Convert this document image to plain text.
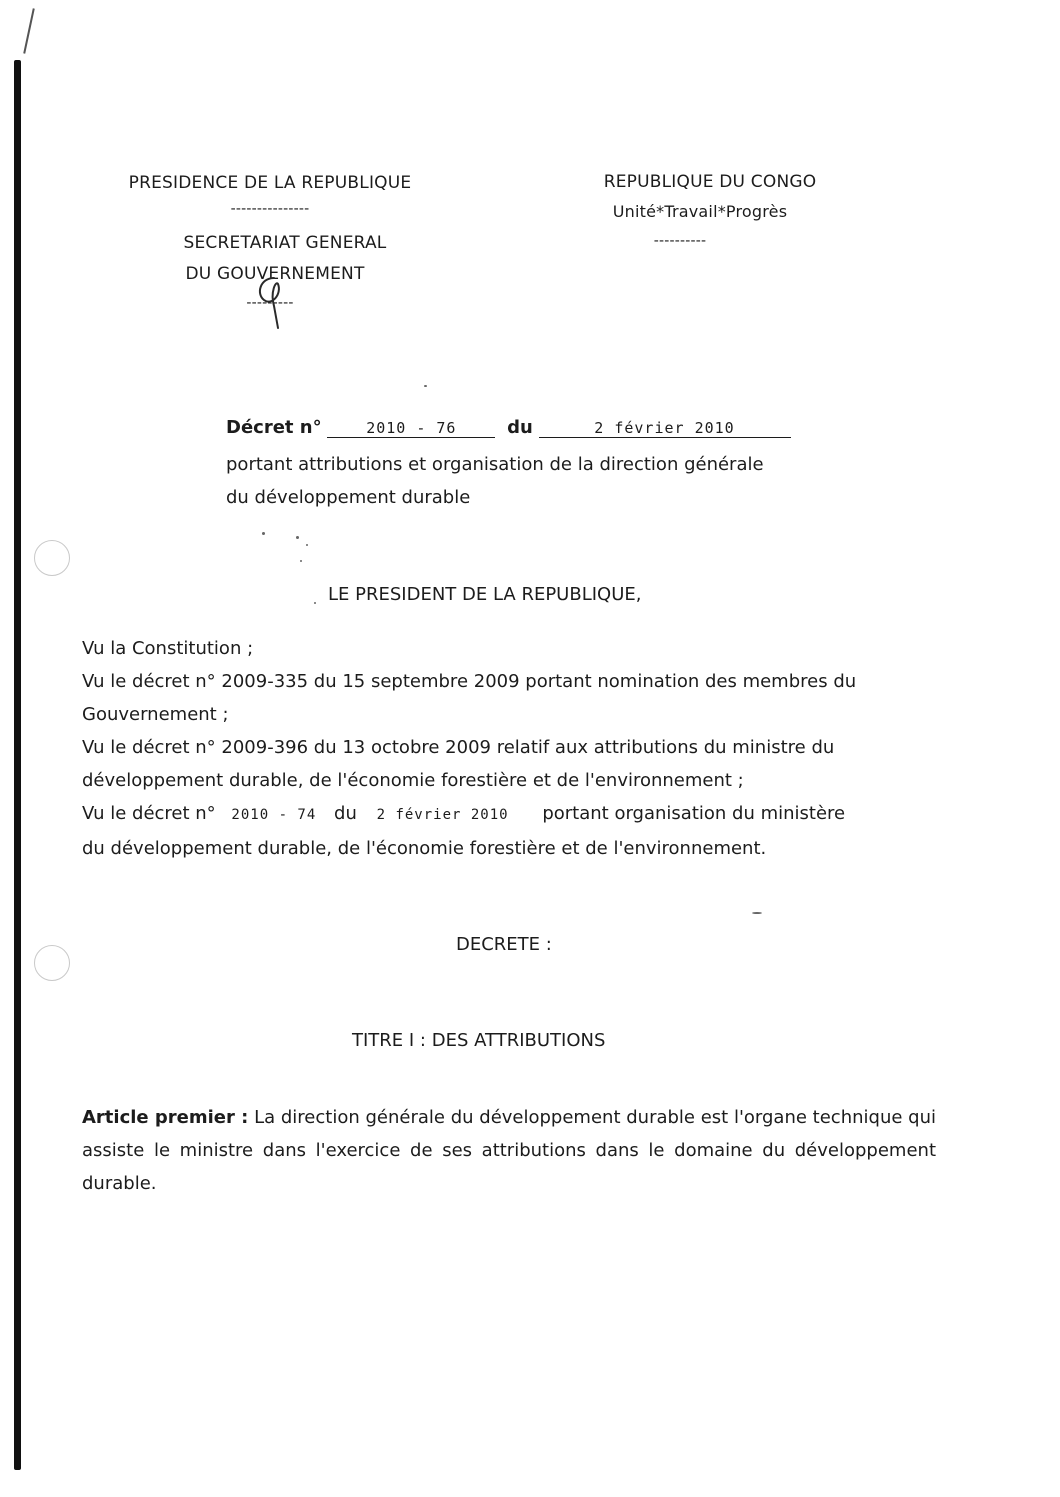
PRESIDENCE DE LA REPUBLIQUE
---------------
SECRETARIAT GENERAL
DU GOUVERNEMENT
---------
REPUBLIQUE DU CONGO
Unité*Travail*Progrès
----------
Décret n°	2010 - 76	du	2 février 2010
portant attributions et organisation de la direction générale
du développement durable
LE PRESIDENT DE LA REPUBLIQUE,
Vu la Constitution ;
Vu le décret n° 2009-335 du 15 septembre 2009 portant nomination des membres du
Gouvernement ;
Vu le décret n° 2009-396 du 13 octobre 2009 relatif aux attributions du ministre du
développement durable, de l'économie forestière et de l'environnement ;
Vu le décret n° 2010 - 74 du 2 février 2010 portant organisation du ministère
du développement durable, de l'économie forestière et de l'environnement.
DECRETE :
TITRE I : DES ATTRIBUTIONS
Article premier : La direction générale du développement durable est l'organe technique qui assiste le ministre dans l'exercice de ses attributions dans le domaine du développement durable.
